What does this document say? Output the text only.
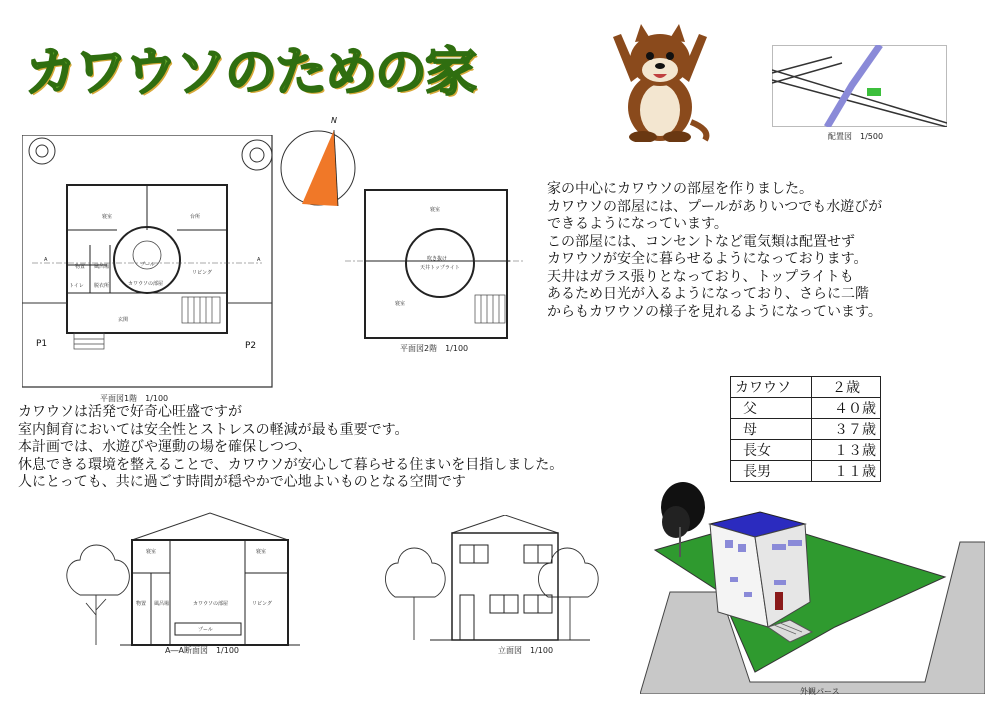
カワウソのための家
配置図　1/500
寝室	台所
物置 風呂場	プール
リビング
トイレ 脱衣所	カワウソの部屋
玄関
P1	P2
A	A
平面図1階　1/100
N
寝室
吹き抜け
天井トップライト
寝室
平面図2階　1/100
家の中心にカワウソの部屋を作りました。
カワウソの部屋には、プールがありいつでも水遊びが
できるようになっています。
この部屋には、コンセントなど電気類は配置せず
カワウソが安全に暮らせるようになっております。
天井はガラス張りとなっており、トップライトも
あるため日光が入るようになっており、さらに二階
からもカワウソの様子を見れるようになっています。
カワウソは活発で好奇心旺盛ですが
室内飼育においては安全性とストレスの軽減が最も重要です。
本計画では、水遊びや運動の場を確保しつつ、
休息できる環境を整えることで、カワウソが安心して暮らせる住まいを目指しました。
人にとっても、共に過ごす時間が穏やかで心地よいものとなる空間です
カワウソ	２歳
父	４０歳
母	３７歳
長女	１３歳
長男	１１歳
寝室	寝室
物置 風呂場	カワウソの部屋	リビング
プール
A―A断面図　1/100	立面図　1/100
外観パース
